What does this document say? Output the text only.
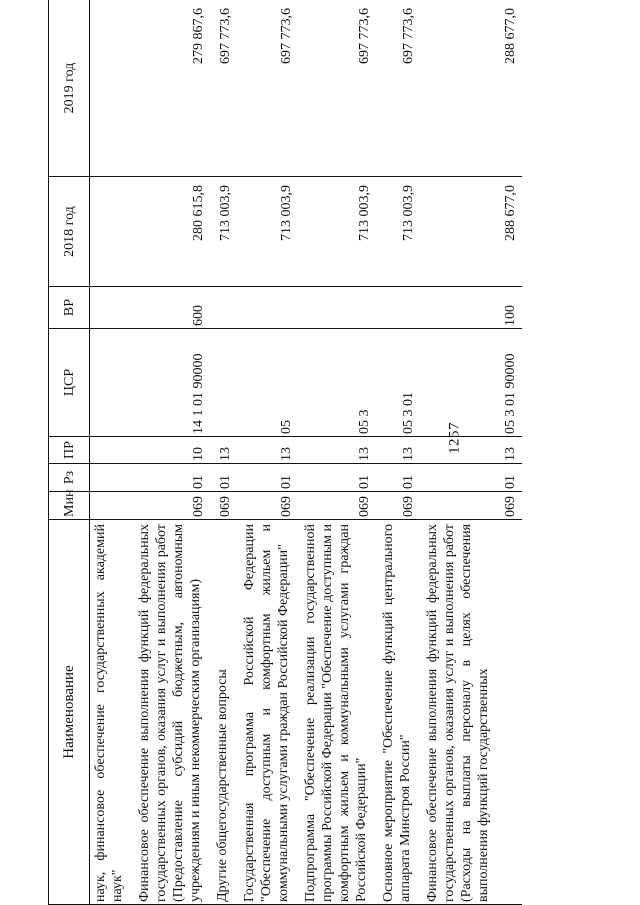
1257
Наименование	Мин	Рз	ПР	ЦСР	ВР	2018 год	2019 год
наук, финансовое обеспечение государственных академий наук"							
Финансовое обеспечение выполнения функций федеральных государственных органов, оказания услуг и выполнения работ (Предоставление субсидий бюджетным, автономным учреждениям и иным некоммерческим организациям)	069	01	10	14 1 01 90000	600	280 615,8	279 867,6
Другие общегосударственные вопросы	069	01	13			713 003,9	697 773,6
Государственная программа Российской Федерации "Обеспечение доступным и комфортным жильем и коммунальными услугами граждан Российской Федерации"	069	01	13	05		713 003,9	697 773,6
Подпрограмма "Обеспечение реализации государственной программы Российской Федерации "Обеспечение доступным и комфортным жильем и коммунальными услугами граждан Российской Федерации"	069	01	13	05 3		713 003,9	697 773,6
Основное мероприятие "Обеспечение функций центрального аппарата Минстроя России"	069	01	13	05 3 01		713 003,9	697 773,6
Финансовое обеспечение выполнения функций федеральных государственных органов, оказания услуг и выполнения работ (Расходы на выплаты персоналу в целях обеспечения выполнения функций государственных	069	01	13	05 3 01 90000	100	288 677,0	288 677,0
